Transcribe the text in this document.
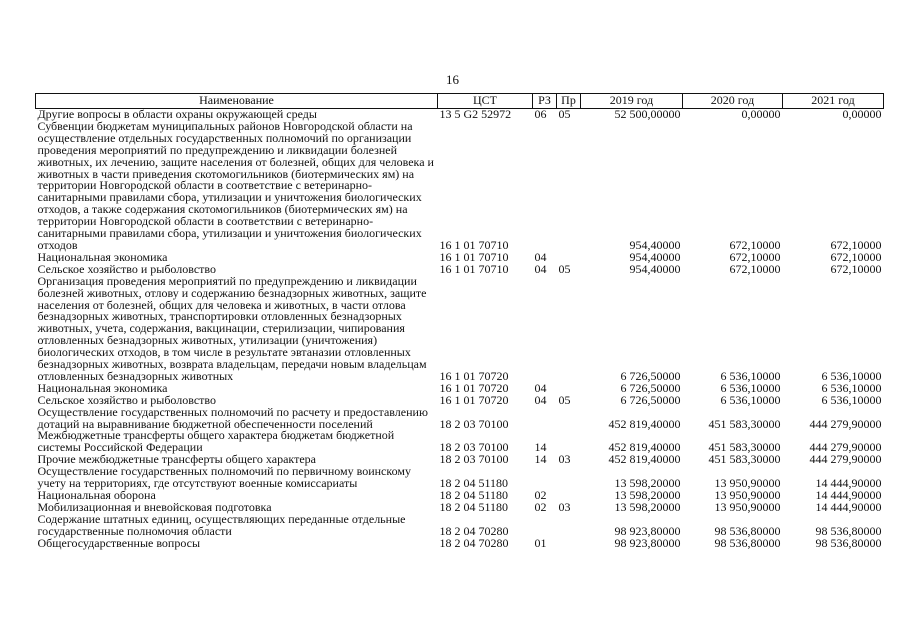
16
Наименование	ЦСТ	РЗ	Пр	2019 год	2020 год	2021 год
Другие вопросы в области охраны окружающей среды	13 5 G2 52972	06	05	52 500,00000	0,00000	0,00000
Субвенции бюджетам муниципальных районов Новгородской области на осуществление отдельных государственных полномочий по организации проведения мероприятий по предупреждению и ликвидации болезней животных, их лечению, защите населения от болезней, общих для человека и животных в части приведения скотомогильников (биотермических ям) на территории Новгородской области в соответствие с ветеринарно-санитарными правилами сбора, утилизации и уничтожения биологических отходов, а также содержания скотомогильников (биотермических ям) на территории Новгородской области в соответствии с ветеринарно-санитарными правилами сбора, утилизации и уничтожения биологических отходов	16 1 01 70710			954,40000	672,10000	672,10000
Национальная экономика	16 1 01 70710	04		954,40000	672,10000	672,10000
Сельское хозяйство и рыболовство	16 1 01 70710	04	05	954,40000	672,10000	672,10000
Организация проведения мероприятий по предупреждению и ликвидации болезней животных, отлову и содержанию безнадзорных животных, защите населения от болезней, общих для человека и животных, в части отлова безнадзорных животных, транспортировки отловленных безнадзорных животных, учета, содержания, вакцинации, стерилизации, чипирования отловленных безнадзорных животных, утилизации (уничтожения) биологических отходов, в том числе в результате эвтаназии отловленных безнадзорных животных, возврата владельцам, передачи новым владельцам отловленных безнадзорных животных	16 1 01 70720			6 726,50000	6 536,10000	6 536,10000
Национальная экономика	16 1 01 70720	04		6 726,50000	6 536,10000	6 536,10000
Сельское хозяйство и рыболовство	16 1 01 70720	04	05	6 726,50000	6 536,10000	6 536,10000
Осуществление государственных полномочий по расчету и предоставлению дотаций на выравнивание бюджетной обеспеченности поселений	18 2 03 70100			452 819,40000	451 583,30000	444 279,90000
Межбюджетные трансферты общего характера бюджетам бюджетной системы Российской Федерации	18 2 03 70100	14		452 819,40000	451 583,30000	444 279,90000
Прочие межбюджетные трансферты общего характера	18 2 03 70100	14	03	452 819,40000	451 583,30000	444 279,90000
Осуществление государственных полномочий по первичному воинскому учету на территориях, где отсутствуют военные комиссариаты	18 2 04 51180			13 598,20000	13 950,90000	14 444,90000
Национальная оборона	18 2 04 51180	02		13 598,20000	13 950,90000	14 444,90000
Мобилизационная и вневойсковая подготовка	18 2 04 51180	02	03	13 598,20000	13 950,90000	14 444,90000
Содержание штатных единиц, осуществляющих переданные отдельные государственные полномочия области	18 2 04 70280			98 923,80000	98 536,80000	98 536,80000
Общегосударственные вопросы	18 2 04 70280	01		98 923,80000	98 536,80000	98 536,80000
